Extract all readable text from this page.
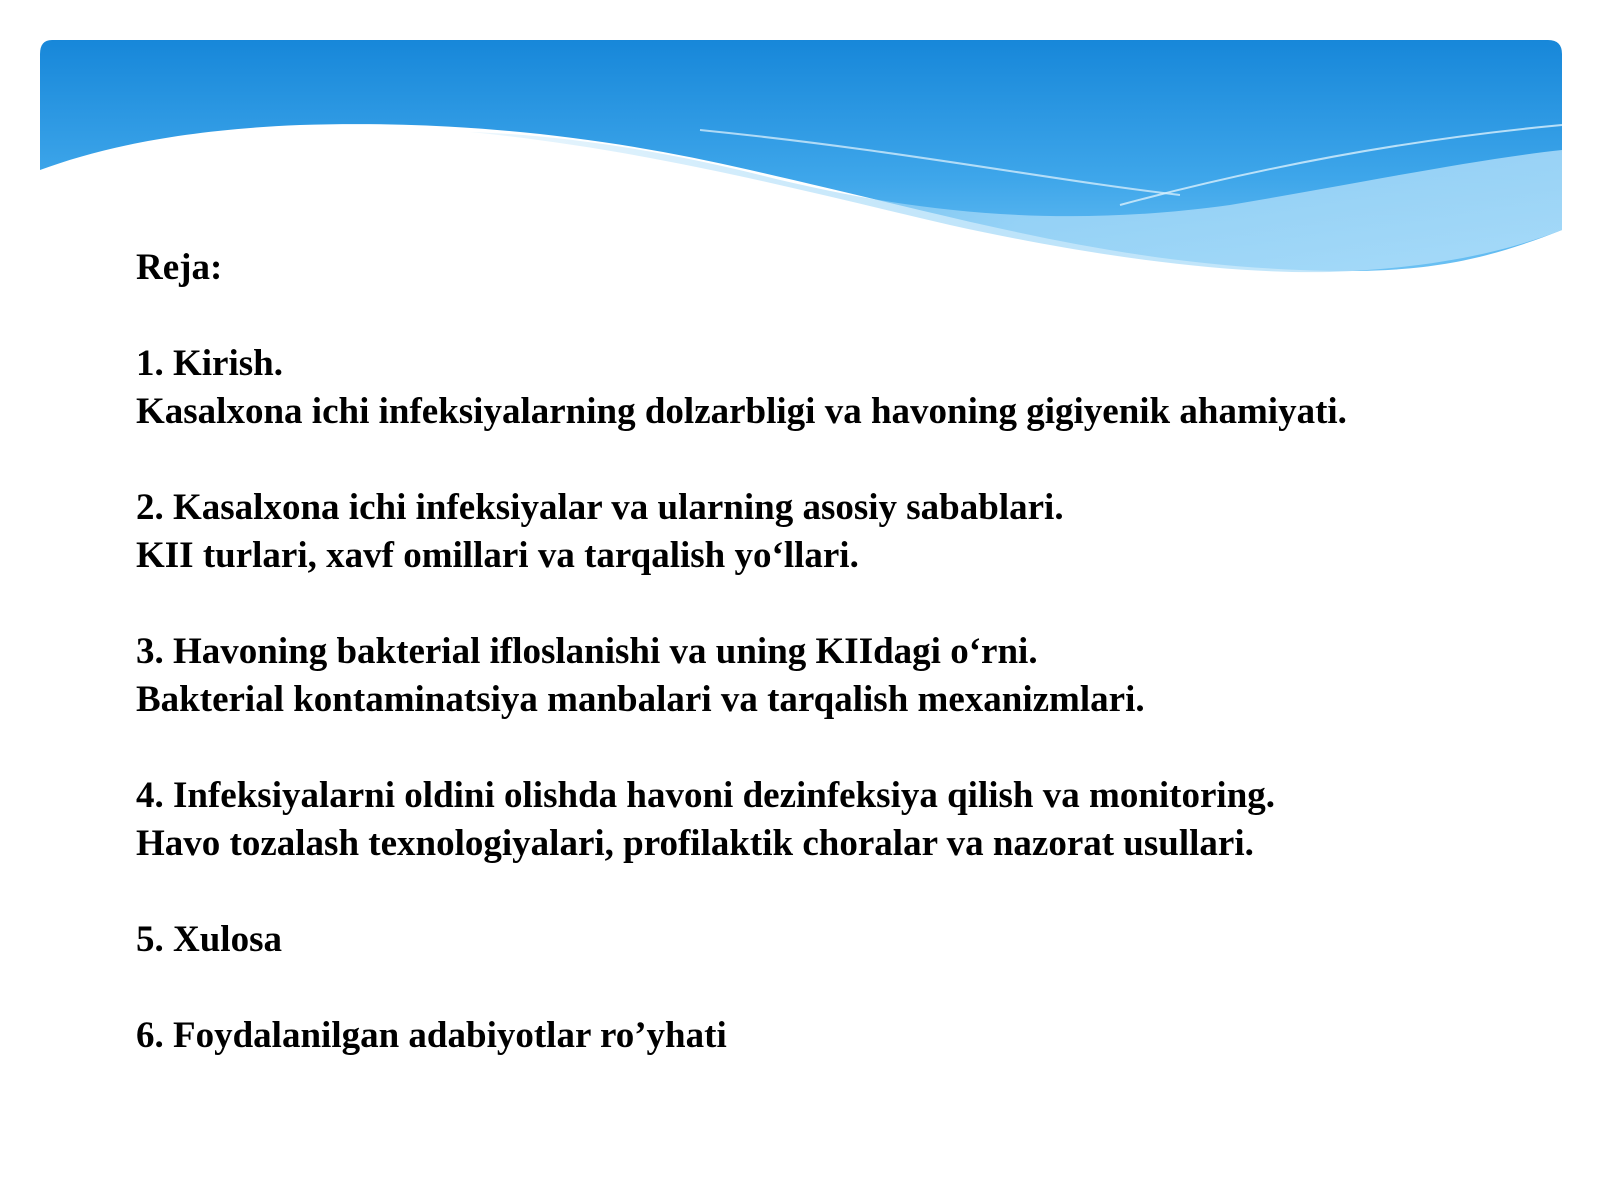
Reja:

1. Kirish.

Kasalxona ichi infeksiyalarning dolzarbligi va havoning gigiyenik ahamiyati.

2. Kasalxona ichi infeksiyalar va ularning asosiy sabablari.

KII turlari, xavf omillari va tarqalish yo‘llari.

3. Havoning bakterial ifloslanishi va uning KIIdagi o‘rni.

Bakterial kontaminatsiya manbalari va tarqalish mexanizmlari.

4. Infeksiyalarni oldini olishda havoni dezinfeksiya qilish va monitoring.

Havo tozalash texnologiyalari, profilaktik choralar va nazorat usullari.

5. Xulosa

6. Foydalanilgan adabiyotlar ro’yhati
